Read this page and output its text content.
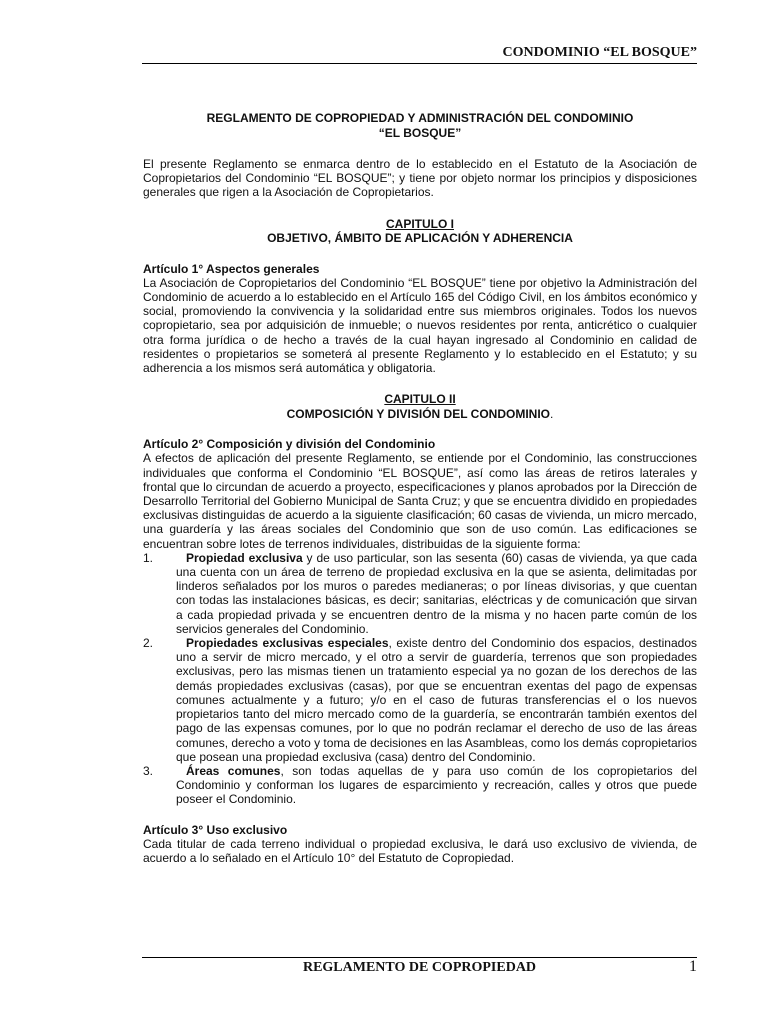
CONDOMINIO “EL BOSQUE”

REGLAMENTO DE COPROPIEDAD Y ADMINISTRACIÓN DEL CONDOMINIO
“EL BOSQUE”

El presente Reglamento se enmarca dentro de lo establecido en el Estatuto de la Asociación de Copropietarios del Condominio “EL BOSQUE”; y tiene por objeto normar los principios y disposiciones generales que rigen a la Asociación de Copropietarios.

CAPITULO I
OBJETIVO, ÁMBITO DE APLICACIÓN Y ADHERENCIA
Artículo 1° Aspectos generales

La Asociación de Copropietarios del Condominio “EL BOSQUE” tiene por objetivo la Administración del Condominio de acuerdo a lo establecido en el Artículo 165 del Código Civil, en los ámbitos económico y social, promoviendo la convivencia y la solidaridad entre sus miembros originales. Todos los nuevos copropietario, sea por adquisición de inmueble; o nuevos residentes por renta, anticrético o cualquier otra forma jurídica o de hecho a través de la cual hayan ingresado al Condominio en calidad de residentes o propietarios se someterá al presente Reglamento y lo establecido en el Estatuto; y su adherencia a los mismos será automática y obligatoria.

CAPITULO II
COMPOSICIÓN Y DIVISIÓN DEL CONDOMINIO.
Artículo 2° Composición y división del Condominio

A efectos de aplicación del presente Reglamento, se entiende por el Condominio, las construcciones individuales que conforma el Condominio “EL BOSQUE”, así como las áreas de retiros laterales y frontal que lo circundan de acuerdo a proyecto, especificaciones y planos aprobados por la Dirección de Desarrollo Territorial del Gobierno Municipal de Santa Cruz; y que se encuentra dividido en propiedades exclusivas distinguidas de acuerdo a la siguiente clasificación; 60 casas de vivienda, un micro mercado, una guardería y las áreas sociales del Condominio que son de uso común. Las edificaciones se encuentran sobre lotes de terrenos individuales, distribuidas de la siguiente forma:

1.	Propiedad exclusiva y de uso particular, son las sesenta (60) casas de vivienda, ya que cada una cuenta con un área de terreno de propiedad exclusiva en la que se asienta, delimitadas por linderos señalados por los muros o paredes medianeras; o por líneas divisorias, y que cuentan con todas las instalaciones básicas, es decir; sanitarias, eléctricas y de comunicación que sirvan a cada propiedad privada y se encuentren dentro de la misma y no hacen parte común de los servicios generales del Condominio.
2.	Propiedades exclusivas especiales, existe dentro del Condominio dos espacios, destinados uno a servir de micro mercado, y el otro a servir de guardería, terrenos que son propiedades exclusivas, pero las mismas tienen un tratamiento especial ya no gozan de los derechos de las demás propiedades exclusivas (casas), por que se encuentran exentas del pago de expensas comunes actualmente y a futuro; y/o en el caso de futuras transferencias el o los nuevos propietarios tanto del micro mercado como de la guardería, se encontrarán también exentos del pago de las expensas comunes, por lo que no podrán reclamar el derecho de uso de las áreas comunes, derecho a voto y toma de decisiones en las Asambleas, como los demás copropietarios que posean una propiedad exclusiva (casa) dentro del Condominio.
3.	Áreas comunes, son todas aquellas de y para uso común de los copropietarios del Condominio y conforman los lugares de esparcimiento y recreación, calles y otros que puede poseer el Condominio.
Artículo 3° Uso exclusivo

Cada titular de cada terreno individual o propiedad exclusiva, le dará uso exclusivo de vivienda, de acuerdo a lo señalado en el Artículo 10° del Estatuto de Copropiedad.

REGLAMENTO DE COPROPIEDAD	1
